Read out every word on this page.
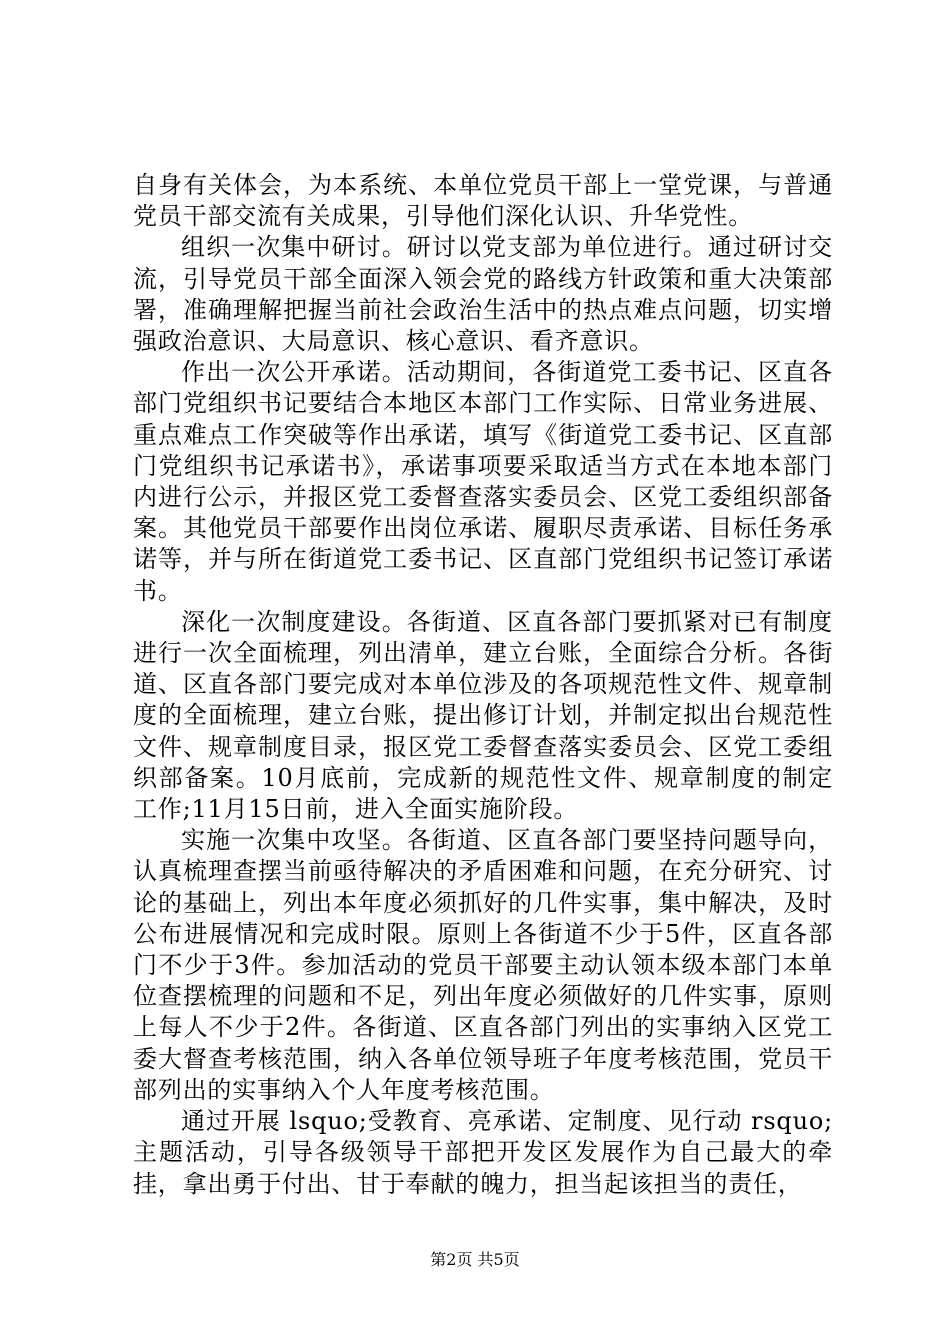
自身有关体会，为本系统、本单位党员干部上一堂党课，与普通党员干部交流有关成果，引导他们深化认识、升华党性。

组织一次集中研讨。研讨以党支部为单位进行。通过研讨交流，引导党员干部全面深入领会党的路线方针政策和重大决策部署，准确理解把握当前社会政治生活中的热点难点问题，切实增强政治意识、大局意识、核心意识、看齐意识。

作出一次公开承诺。活动期间，各街道党工委书记、区直各部门党组织书记要结合本地区本部门工作实际、日常业务进展、重点难点工作突破等作出承诺，填写《街道党工委书记、区直部门党组织书记承诺书》，承诺事项要采取适当方式在本地本部门内进行公示，并报区党工委督查落实委员会、区党工委组织部备案。其他党员干部要作出岗位承诺、履职尽责承诺、目标任务承诺等，并与所在街道党工委书记、区直部门党组织书记签订承诺书。

深化一次制度建设。各街道、区直各部门要抓紧对已有制度进行一次全面梳理，列出清单，建立台账，全面综合分析。各街道、区直各部门要完成对本单位涉及的各项规范性文件、规章制度的全面梳理，建立台账，提出修订计划，并制定拟出台规范性文件、规章制度目录，报区党工委督查落实委员会、区党工委组织部备案。10月底前，完成新的规范性文件、规章制度的制定工作;11月15日前，进入全面实施阶段。

实施一次集中攻坚。各街道、区直各部门要坚持问题导向，认真梳理查摆当前亟待解决的矛盾困难和问题，在充分研究、讨论的基础上，列出本年度必须抓好的几件实事，集中解决，及时公布进展情况和完成时限。原则上各街道不少于5件，区直各部门不少于3件。参加活动的党员干部要主动认领本级本部门本单位查摆梳理的问题和不足，列出年度必须做好的几件实事，原则上每人不少于2件。各街道、区直各部门列出的实事纳入区党工委大督查考核范围，纳入各单位领导班子年度考核范围，党员干部列出的实事纳入个人年度考核范围。

通过开展 lsquo;受教育、亮承诺、定制度、见行动 rsquo;主题活动，引导各级领导干部把开发区发展作为自己最大的牵挂，拿出勇于付出、甘于奉献的魄力，担当起该担当的责任，

第2页 共5页
